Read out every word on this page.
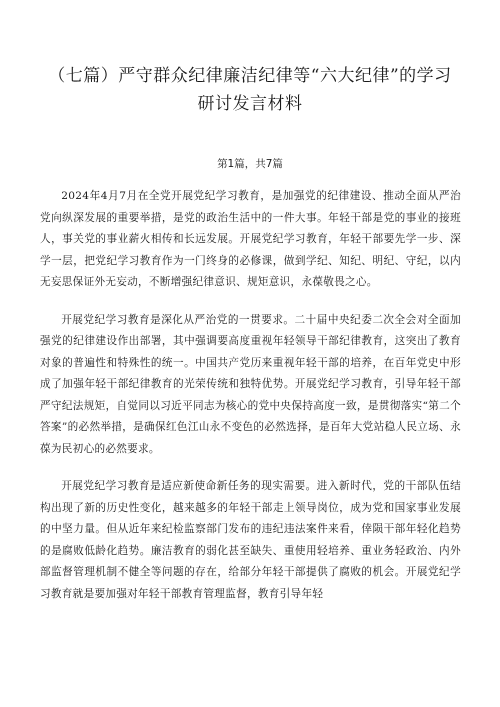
（七篇）严守群众纪律廉洁纪律等“六大纪律”的学习研讨发言材料

第1篇，共7篇

2024年4月7月在全党开展党纪学习教育，是加强党的纪律建设、推动全面从严治党向纵深发展的重要举措，是党的政治生活中的一件大事。年轻干部是党的事业的接班人，事关党的事业薪火相传和长远发展。开展党纪学习教育，年轻干部要先学一步、深学一层，把党纪学习教育作为一门终身的必修课，做到学纪、知纪、明纪、守纪，以内无妄思保证外无妄动，不断增强纪律意识、规矩意识，永葆敬畏之心。

开展党纪学习教育是深化从严治党的一贯要求。二十届中央纪委二次全会对全面加强党的纪律建设作出部署，其中强调要高度重视年轻领导干部纪律教育，这突出了教育对象的普遍性和特殊性的统一。中国共产党历来重视年轻干部的培养，在百年党史中形成了加强年轻干部纪律教育的光荣传统和独特优势。开展党纪学习教育，引导年轻干部严守纪法规矩，自觉同以习近平同志为核心的党中央保持高度一致，是贯彻落实“第二个答案”的必然举措，是确保红色江山永不变色的必然选择，是百年大党站稳人民立场、永葆为民初心的必然要求。

开展党纪学习教育是适应新使命新任务的现实需要。进入新时代，党的干部队伍结构出现了新的历史性变化，越来越多的年轻干部走上领导岗位，成为党和国家事业发展的中坚力量。但从近年来纪检监察部门发布的违纪违法案件来看，倖陨干部年轻化趋势的是腐败低龄化趋势。廉洁教育的弱化甚至缺失、重使用轻培养、重业务轻政治、内外部监督管理机制不健全等问题的存在，给部分年轻干部提供了腐败的机会。开展党纪学习教育就是要加强对年轻干部教育管理监督，教育引导年轻
